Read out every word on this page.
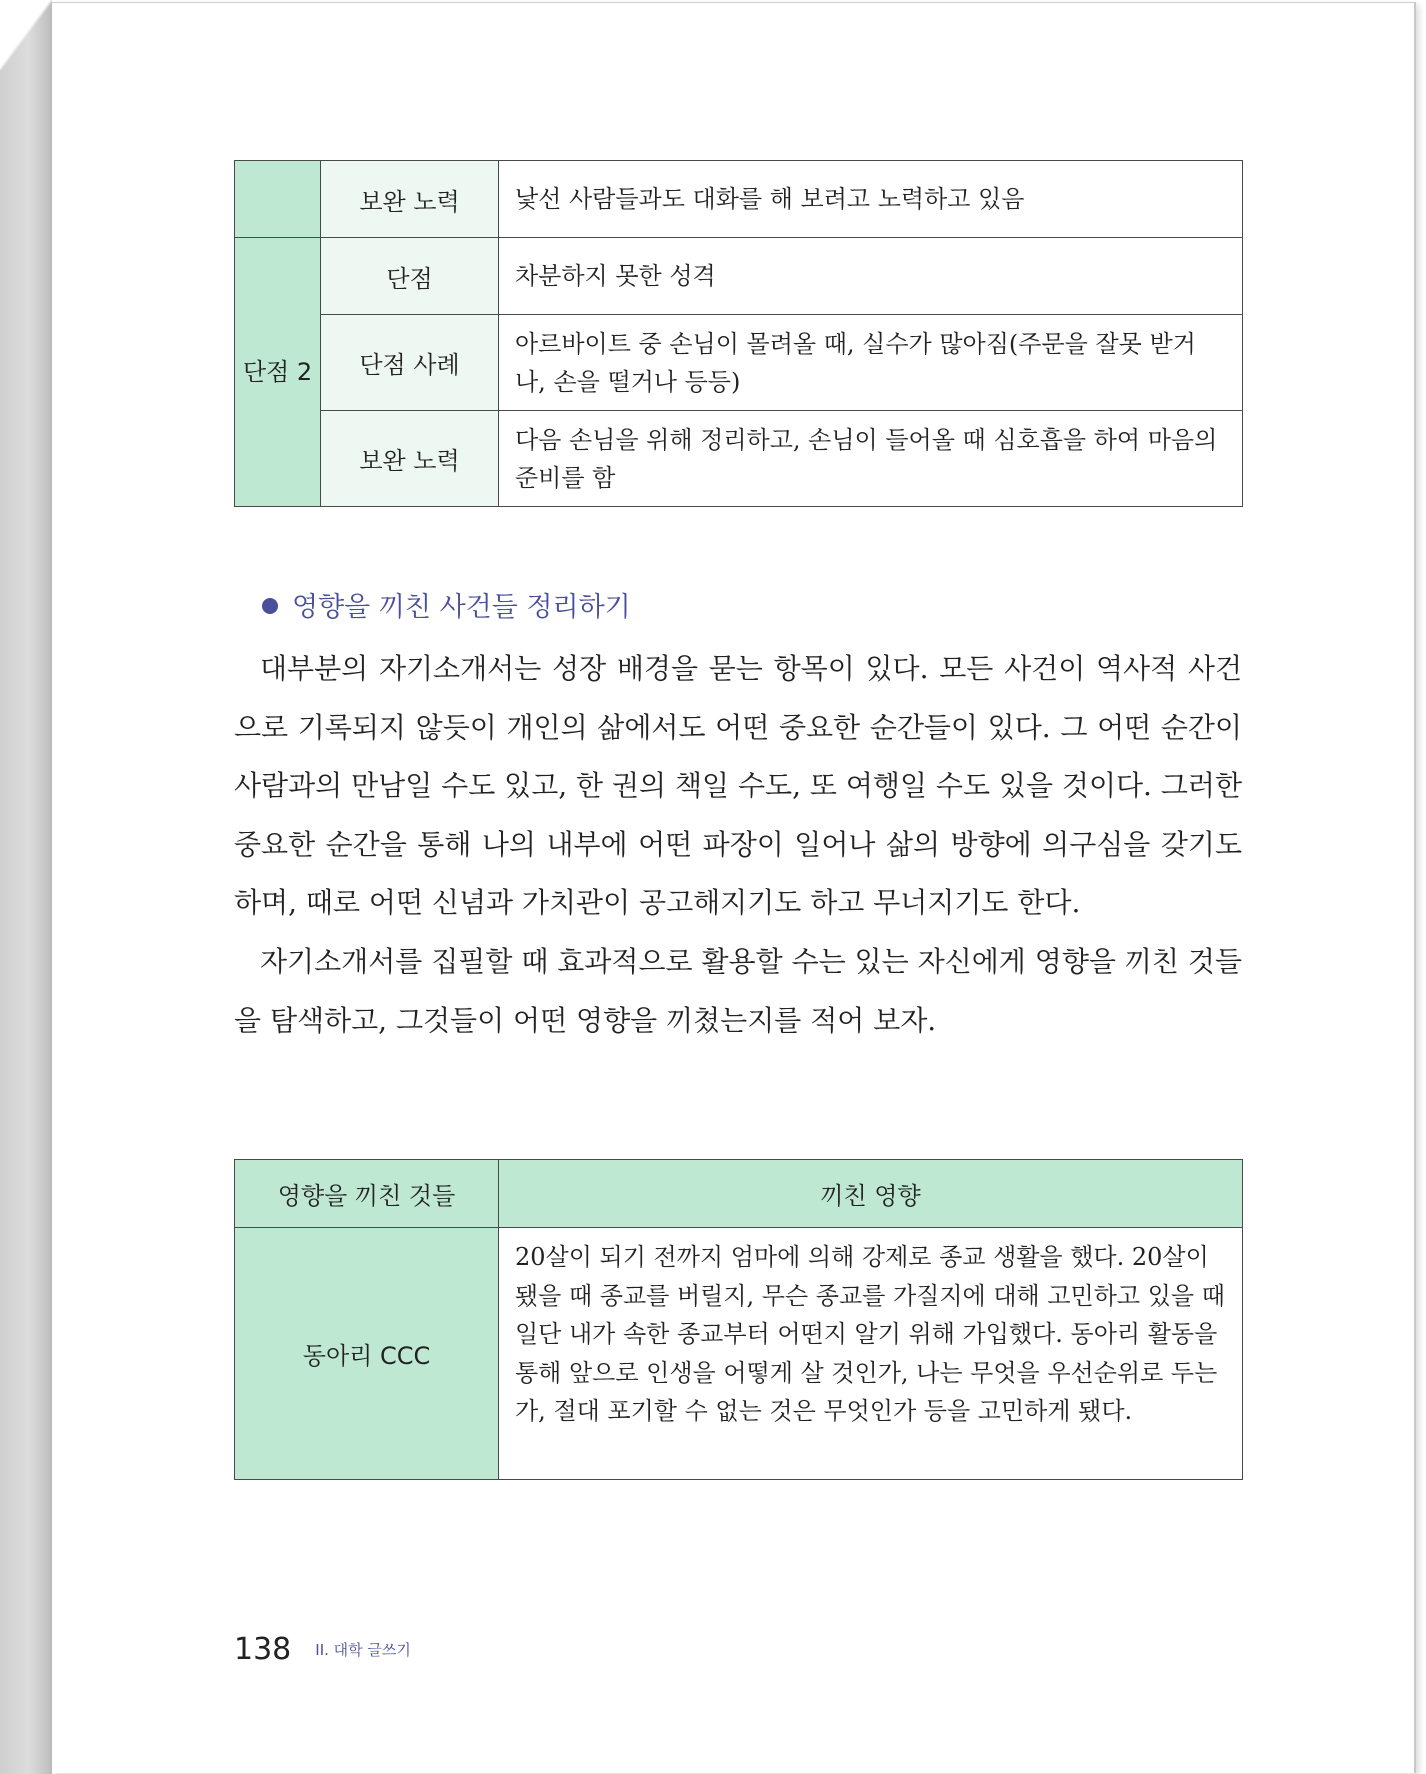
	보완 노력	낯선 사람들과도 대화를 해 보려고 노력하고 있음
단점 2	단점	차분하지 못한 성격
	단점 사례	아르바이트 중 손님이 몰려올 때, 실수가 많아짐(주문을 잘못 받거나, 손을 떨거나 등등)
	보완 노력	다음 손님을 위해 정리하고, 손님이 들어올 때 심호흡을 하여 마음의 준비를 함
영향을 끼친 사건들 정리하기

대부분의 자기소개서는 성장 배경을 묻는 항목이 있다. 모든 사건이 역사적 사건으로 기록되지 않듯이 개인의 삶에서도 어떤 중요한 순간들이 있다. 그 어떤 순간이 사람과의 만남일 수도 있고, 한 권의 책일 수도, 또 여행일 수도 있을 것이다. 그러한 중요한 순간을 통해 나의 내부에 어떤 파장이 일어나 삶의 방향에 의구심을 갖기도 하며, 때로 어떤 신념과 가치관이 공고해지기도 하고 무너지기도 한다.

자기소개서를 집필할 때 효과적으로 활용할 수는 있는 자신에게 영향을 끼친 것들을 탐색하고, 그것들이 어떤 영향을 끼쳤는지를 적어 보자.

영향을 끼친 것들	끼친 영향
동아리 CCC	20살이 되기 전까지 엄마에 의해 강제로 종교 생활을 했다. 20살이 됐을 때 종교를 버릴지, 무슨 종교를 가질지에 대해 고민하고 있을 때 일단 내가 속한 종교부터 어떤지 알기 위해 가입했다. 동아리 활동을 통해 앞으로 인생을 어떻게 살 것인가, 나는 무엇을 우선순위로 두는가, 절대 포기할 수 없는 것은 무엇인가 등을 고민하게 됐다.
138 II. 대학 글쓰기
